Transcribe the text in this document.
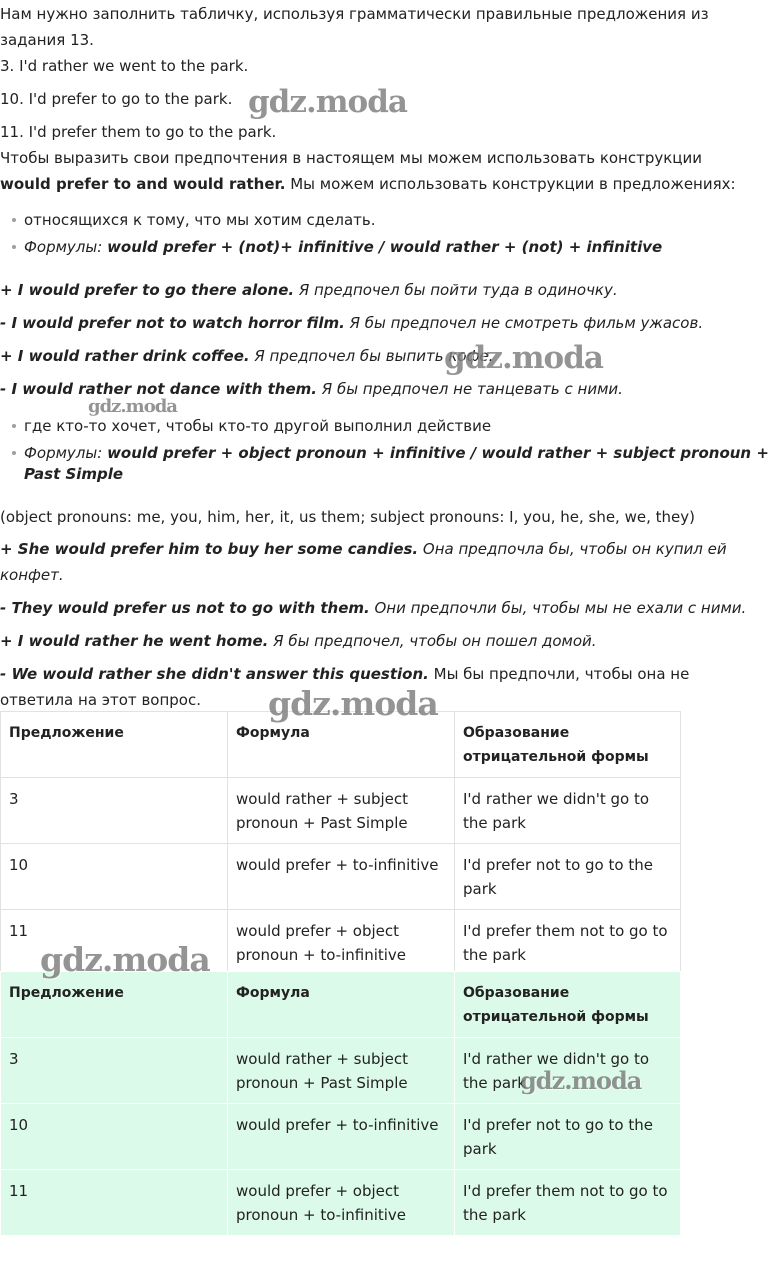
Нам нужно заполнить табличку, используя грамматически правильные предложения из
задания 13.
3. I'd rather we went to the park.
10. I'd prefer to go to the park.
11. I'd prefer them to go to the park.
Чтобы выразить свои предпочтения в настоящем мы можем использовать конструкции
would prefer to and would rather. Мы можем использовать конструкции в предложениях:
относящихся к тому, что мы хотим сделать.
Формулы: would prefer + (not)+ infinitive / would rather + (not) + infinitive
+ I would prefer to go there alone. Я предпочел бы пойти туда в одиночку.
- I would prefer not to watch horror film. Я бы предпочел не смотреть фильм ужасов.
+ I would rather drink coffee. Я предпочел бы выпить кофе.
- I would rather not dance with them. Я бы предпочел не танцевать с ними.
где кто-то хочет, чтобы кто-то другой выполнил действие
Формулы: would prefer + object pronoun + infinitive / would rather + subject pronoun +
Past Simple
(object pronouns: me, you, him, her, it, us them; subject pronouns: I, you, he, she, we, they)
+ She would prefer him to buy her some candies. Она предпочла бы, чтобы он купил ей
конфет.
- They would prefer us not to go with them. Они предпочли бы, чтобы мы не ехали с ними.
+ I would rather he went home. Я бы предпочел, чтобы он пошел домой.
- We would rather she didn't answer this question. Мы бы предпочли, чтобы она не
ответила на этот вопрос.
Предложение	Формула	Образование отрицательной формы
3	would rather + subject pronoun + Past Simple	I'd rather we didn't go to the park
10	would prefer + to-infinitive	I'd prefer not to go to the park
11	would prefer + object pronoun + to-infinitive	I'd prefer them not to go to the park
Предложение	Формула	Образование отрицательной формы
3	would rather + subject pronoun + Past Simple	I'd rather we didn't go to the park
10	would prefer + to-infinitive	I'd prefer not to go to the park
11	would prefer + object pronoun + to-infinitive	I'd prefer them not to go to the park
gdz.moda
gdz.moda
gdz.moda
gdz.moda
gdz.moda
gdz.moda
